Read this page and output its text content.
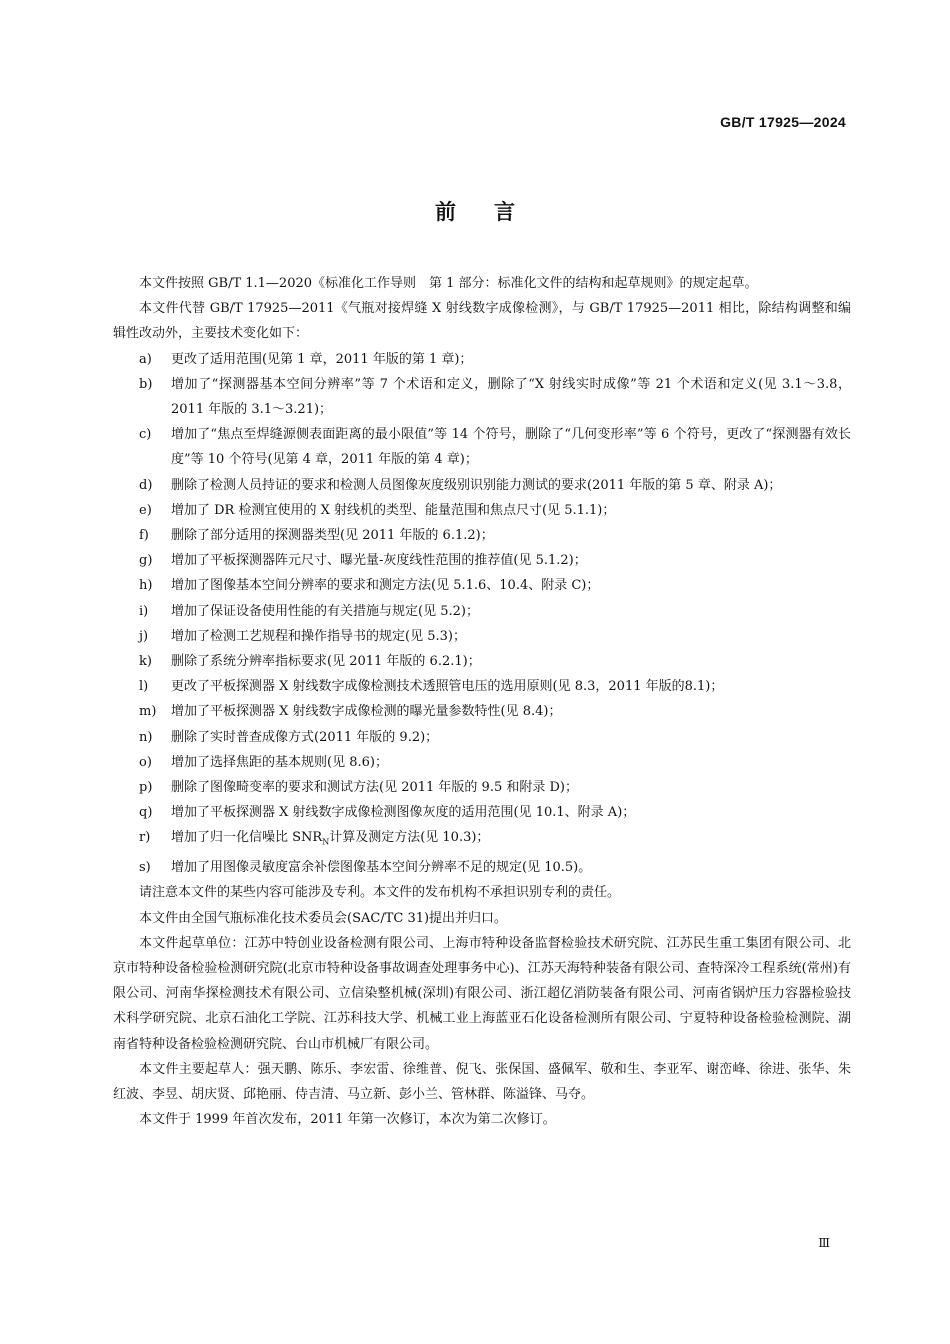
GB/T 17925—2024
前言

本文件按照 GB/T 1.1—2020《标准化工作导则　第 1 部分：标准化文件的结构和起草规则》的规定起草。

本文件代替 GB/T 17925—2011《气瓶对接焊缝 X 射线数字成像检测》，与 GB/T 17925—2011 相比，除结构调整和编辑性改动外，主要技术变化如下：

a)	更改了适用范围(见第 1 章，2011 年版的第 1 章)；
b)	增加了“探测器基本空间分辨率”等 7 个术语和定义，删除了“X 射线实时成像”等 21 个术语和定义(见 3.1～3.8，2011 年版的 3.1～3.21)；
c)	增加了“焦点至焊缝源侧表面距离的最小限值”等 14 个符号，删除了“几何变形率”等 6 个符号，更改了“探测器有效长度”等 10 个符号(见第 4 章，2011 年版的第 4 章)；
d)	删除了检测人员持证的要求和检测人员图像灰度级别识别能力测试的要求(2011 年版的第 5 章、附录 A)；
e)	增加了 DR 检测宜使用的 X 射线机的类型、能量范围和焦点尺寸(见 5.1.1)；
f)	删除了部分适用的探测器类型(见 2011 年版的 6.1.2)；
g)	增加了平板探测器阵元尺寸、曝光量-灰度线性范围的推荐值(见 5.1.2)；
h)	增加了图像基本空间分辨率的要求和测定方法(见 5.1.6、10.4、附录 C)；
i)	增加了保证设备使用性能的有关措施与规定(见 5.2)；
j)	增加了检测工艺规程和操作指导书的规定(见 5.3)；
k)	删除了系统分辨率指标要求(见 2011 年版的 6.2.1)；
l)	更改了平板探测器 X 射线数字成像检测技术透照管电压的选用原则(见 8.3，2011 年版的8.1)；
m)	增加了平板探测器 X 射线数字成像检测的曝光量参数特性(见 8.4)；
n)	删除了实时普查成像方式(2011 年版的 9.2)；
o)	增加了选择焦距的基本规则(见 8.6)；
p)	删除了图像畸变率的要求和测试方法(见 2011 年版的 9.5 和附录 D)；
q)	增加了平板探测器 X 射线数字成像检测图像灰度的适用范围(见 10.1、附录 A)；
r)	增加了归一化信噪比 $SNR_N$计算及测定方法(见 10.3)；
s)	增加了用图像灵敏度富余补偿图像基本空间分辨率不足的规定(见 10.5)。

请注意本文件的某些内容可能涉及专利。本文件的发布机构不承担识别专利的责任。

本文件由全国气瓶标准化技术委员会(SAC/TC 31)提出并归口。

本文件起草单位：江苏中特创业设备检测有限公司、上海市特种设备监督检验技术研究院、江苏民生重工集团有限公司、北京市特种设备检验检测研究院(北京市特种设备事故调查处理事务中心)、江苏天海特种装备有限公司、查特深冷工程系统(常州)有限公司、河南华探检测技术有限公司、立信染整机械(深圳)有限公司、浙江超亿消防装备有限公司、河南省锅炉压力容器检验技术科学研究院、北京石油化工学院、江苏科技大学、机械工业上海蓝亚石化设备检测所有限公司、宁夏特种设备检验检测院、湖南省特种设备检验检测研究院、台山市机械厂有限公司。

本文件主要起草人：强天鹏、陈乐、李宏雷、徐维普、倪飞、张保国、盛佩军、敬和生、李亚军、谢峦峰、徐进、张华、朱红波、李昱、胡庆贤、邱艳丽、侍吉清、马立新、彭小兰、管林群、陈溢锋、马夺。

本文件于 1999 年首次发布，2011 年第一次修订，本次为第二次修订。

Ⅲ
